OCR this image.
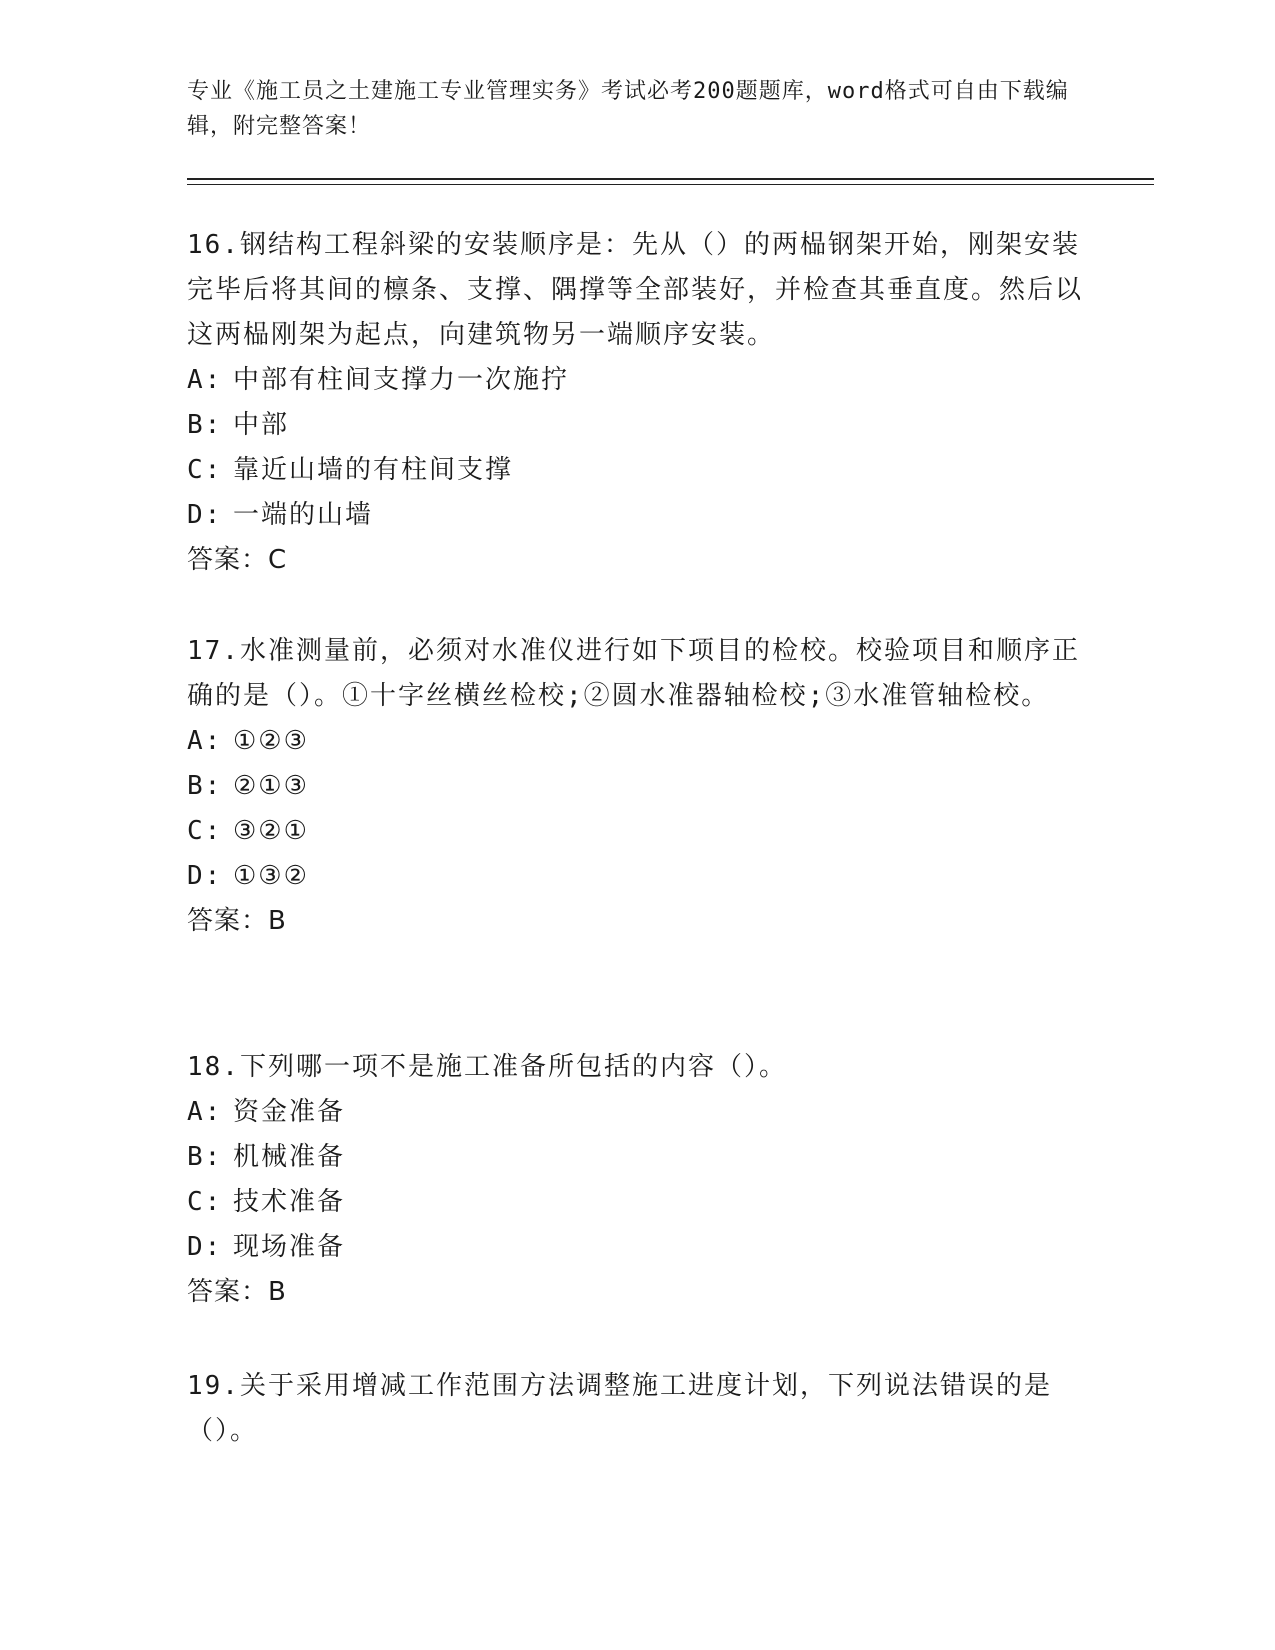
专业《施工员之土建施工专业管理实务》考试必考200题题库，word格式可自由下载编辑，附完整答案！

16.钢结构工程斜梁的安装顺序是：先从（）的两榀钢架开始，刚架安装完毕后将其间的檩条、支撑、隅撑等全部装好，并检查其垂直度。然后以这两榀刚架为起点，向建筑物另一端顺序安装。

A: 中部有柱间支撑力一次施拧

B: 中部

C: 靠近山墙的有柱间支撑

D: 一端的山墙

答案：C

17.水准测量前，必须对水准仪进行如下项目的检校。校验项目和顺序正确的是（）。①十字丝横丝检校;②圆水准器轴检校;③水准管轴检校。

A: ①②③

B: ②①③

C: ③②①

D: ①③②

答案：B

18.下列哪一项不是施工准备所包括的内容（）。

A: 资金准备

B: 机械准备

C: 技术准备

D: 现场准备

答案：B

19.关于采用增减工作范围方法调整施工进度计划，下列说法错误的是（）。
